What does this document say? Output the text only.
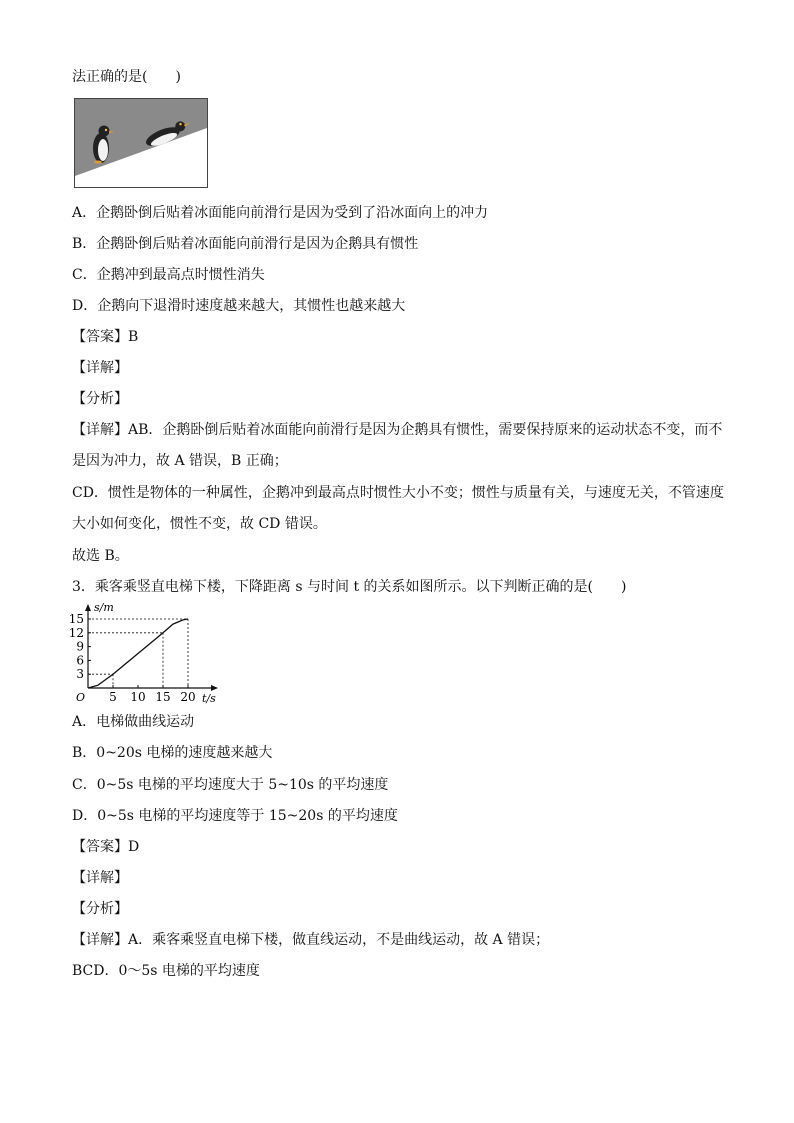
法正确的是(　　)
A．企鹅卧倒后贴着冰面能向前滑行是因为受到了沿冰面向上的冲力
B．企鹅卧倒后贴着冰面能向前滑行是因为企鹅具有惯性
C．企鹅冲到最高点时惯性消失
D．企鹅向下退滑时速度越来越大，其惯性也越来越大
【答案】B
【详解】
【分析】
【详解】AB．企鹅卧倒后贴着冰面能向前滑行是因为企鹅具有惯性，需要保持原来的运动状态不变，而不
是因为冲力，故 A 错误，B 正确；
CD．惯性是物体的一种属性，企鹅冲到最高点时惯性大小不变；惯性与质量有关，与速度无关，不管速度
大小如何变化，惯性不变，故 CD 错误。
故选 B。
3．乘客乘竖直电梯下楼，下降距离 s 与时间 t 的关系如图所示。以下判断正确的是(　　)
5 10 15 20
3
6
9
12
15
s/m
t/s
O
A．电梯做曲线运动
B．0~20s 电梯的速度越来越大
C．0~5s 电梯的平均速度大于 5~10s 的平均速度
D．0~5s 电梯的平均速度等于 15~20s 的平均速度
【答案】D
【详解】
【分析】
【详解】A．乘客乘竖直电梯下楼，做直线运动，不是曲线运动，故 A 错误；
BCD．0～5s 电梯的平均速度
